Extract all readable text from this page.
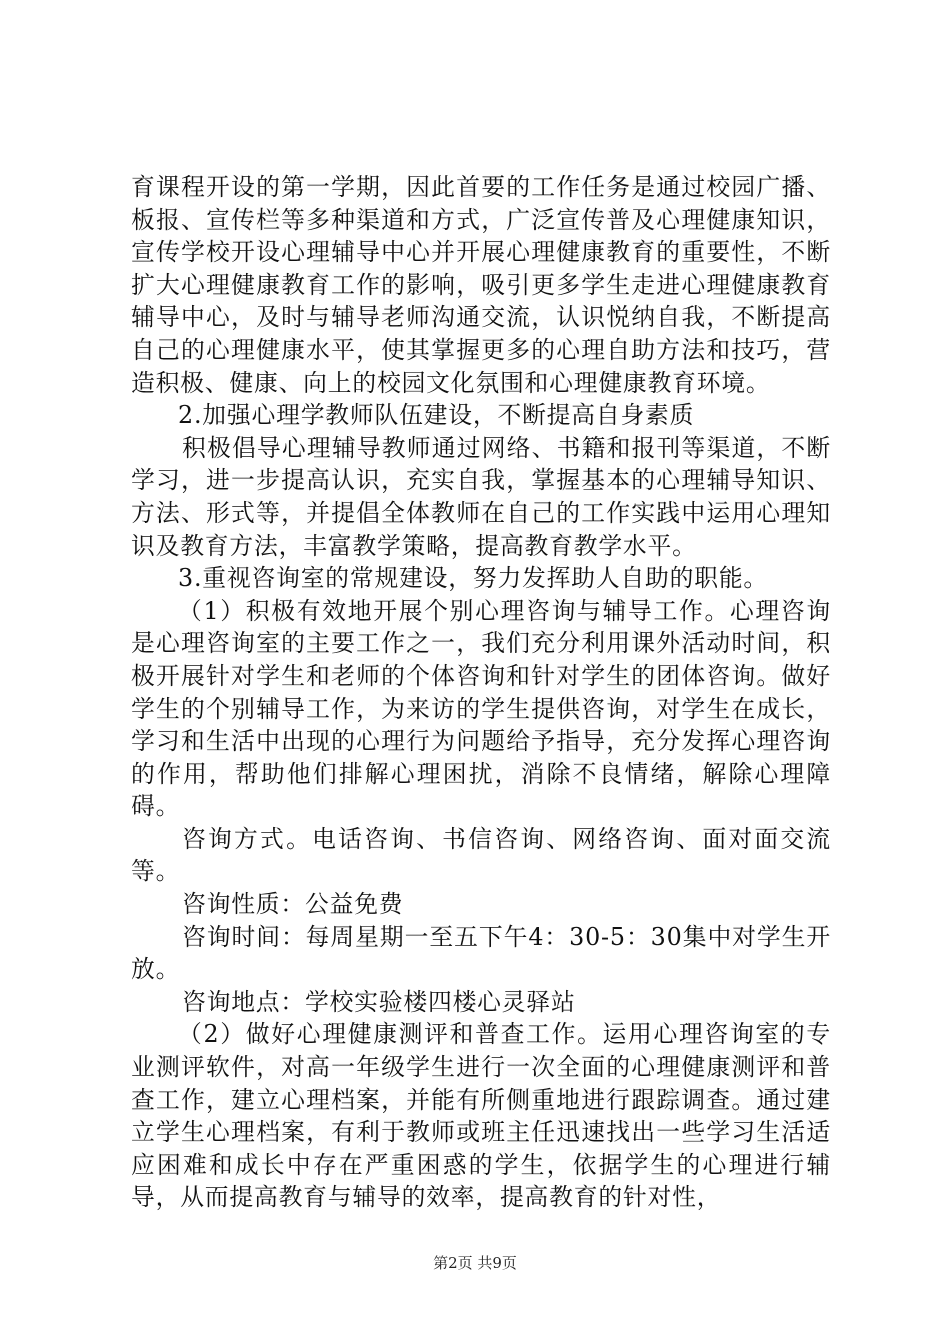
育课程开设的第一学期，因此首要的工作任务是通过校园广播、板报、宣传栏等多种渠道和方式，广泛宣传普及心理健康知识，宣传学校开设心理辅导中心并开展心理健康教育的重要性，不断扩大心理健康教育工作的影响，吸引更多学生走进心理健康教育辅导中心，及时与辅导老师沟通交流，认识悦纳自我，不断提高自己的心理健康水平，使其掌握更多的心理自助方法和技巧，营造积极、健康、向上的校园文化氛围和心理健康教育环境。

2.加强心理学教师队伍建设，不断提高自身素质

积极倡导心理辅导教师通过网络、书籍和报刊等渠道，不断学习，进一步提高认识，充实自我，掌握基本的心理辅导知识、方法、形式等，并提倡全体教师在自己的工作实践中运用心理知识及教育方法，丰富教学策略，提高教育教学水平。

3.重视咨询室的常规建设，努力发挥助人自助的职能。

（1）积极有效地开展个别心理咨询与辅导工作。心理咨询是心理咨询室的主要工作之一，我们充分利用课外活动时间，积极开展针对学生和老师的个体咨询和针对学生的团体咨询。做好学生的个别辅导工作，为来访的学生提供咨询，对学生在成长，学习和生活中出现的心理行为问题给予指导，充分发挥心理咨询的作用，帮助他们排解心理困扰，消除不良情绪，解除心理障碍。

咨询方式。电话咨询、书信咨询、网络咨询、面对面交流等。

咨询性质：公益免费

咨询时间：每周星期一至五下午4：30-5：30集中对学生开放。

咨询地点：学校实验楼四楼心灵驿站

（2）做好心理健康测评和普查工作。运用心理咨询室的专业测评软件，对高一年级学生进行一次全面的心理健康测评和普查工作，建立心理档案，并能有所侧重地进行跟踪调查。通过建立学生心理档案，有利于教师或班主任迅速找出一些学习生活适应困难和成长中存在严重困惑的学生，依据学生的心理进行辅导，从而提高教育与辅导的效率，提高教育的针对性，

第2页 共9页
